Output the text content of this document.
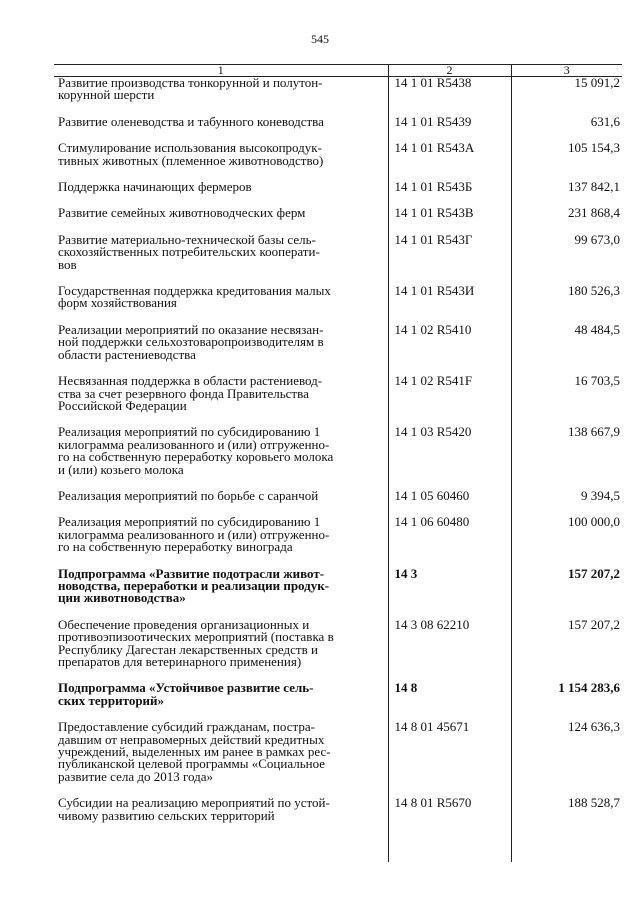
545
1	2	3

Развитие производства тонкорунной и полутон-
корунной шерсти	14 1 01 R5438	15 091,2

Развитие оленеводства и табунного коневодства	14 1 01 R5439	631,6

Стимулирование использования высокопродук-
тивных животных (племенное животноводство)	14 1 01 R543А	105 154,3

Поддержка начинающих фермеров	14 1 01 R543Б	137 842,1

Развитие семейных животноводческих ферм	14 1 01 R543В	231 868,4

Развитие материально-технической базы сель-
скохозяйственных потребительских кооперати-
вов	14 1 01 R543Г	99 673,0

Государственная поддержка кредитования малых
форм хозяйствования	14 1 01 R543И	180 526,3

Реализации мероприятий по оказание несвязан-
ной поддержки сельхозтоваропроизводителям в
области растениеводства	14 1 02 R5410	48 484,5

Несвязанная поддержка в области растениевод-
ства за счет резервного фонда Правительства
Российской Федерации	14 1 02 R541F	16 703,5

Реализация мероприятий по субсидированию 1
килограмма реализованного и (или) отгруженно-
го на собственную переработку коровьего молока
и (или) козьего молока	14 1 03 R5420	138 667,9

Реализация мероприятий по борьбе с саранчой	14 1 05 60460	9 394,5

Реализация мероприятий по субсидированию 1
килограмма реализованного и (или) отгруженно-
го на собственную переработку винограда	14 1 06 60480	100 000,0

Подпрограмма «Развитие подотрасли живот-
новодства, переработки и реализации продук-
ции животноводства»	14 3	157 207,2

Обеспечение проведения организационных и
противоэпизоотических мероприятий (поставка в
Республику Дагестан лекарственных средств и
препаратов для ветеринарного применения)	14 3 08 62210	157 207,2

Подпрограмма «Устойчивое развитие сель-
ских территорий»	14 8	1 154 283,6

Предоставление субсидий гражданам, постра-
давшим от неправомерных действий кредитных
учреждений, выделенных им ранее в рамках рес-
публиканской целевой программы «Социальное
развитие села до 2013 года»	14 8 01 45671	124 636,3

Субсидии на реализацию мероприятий по устой-
чивому развитию сельских территорий	14 8 01 R5670	188 528,7
